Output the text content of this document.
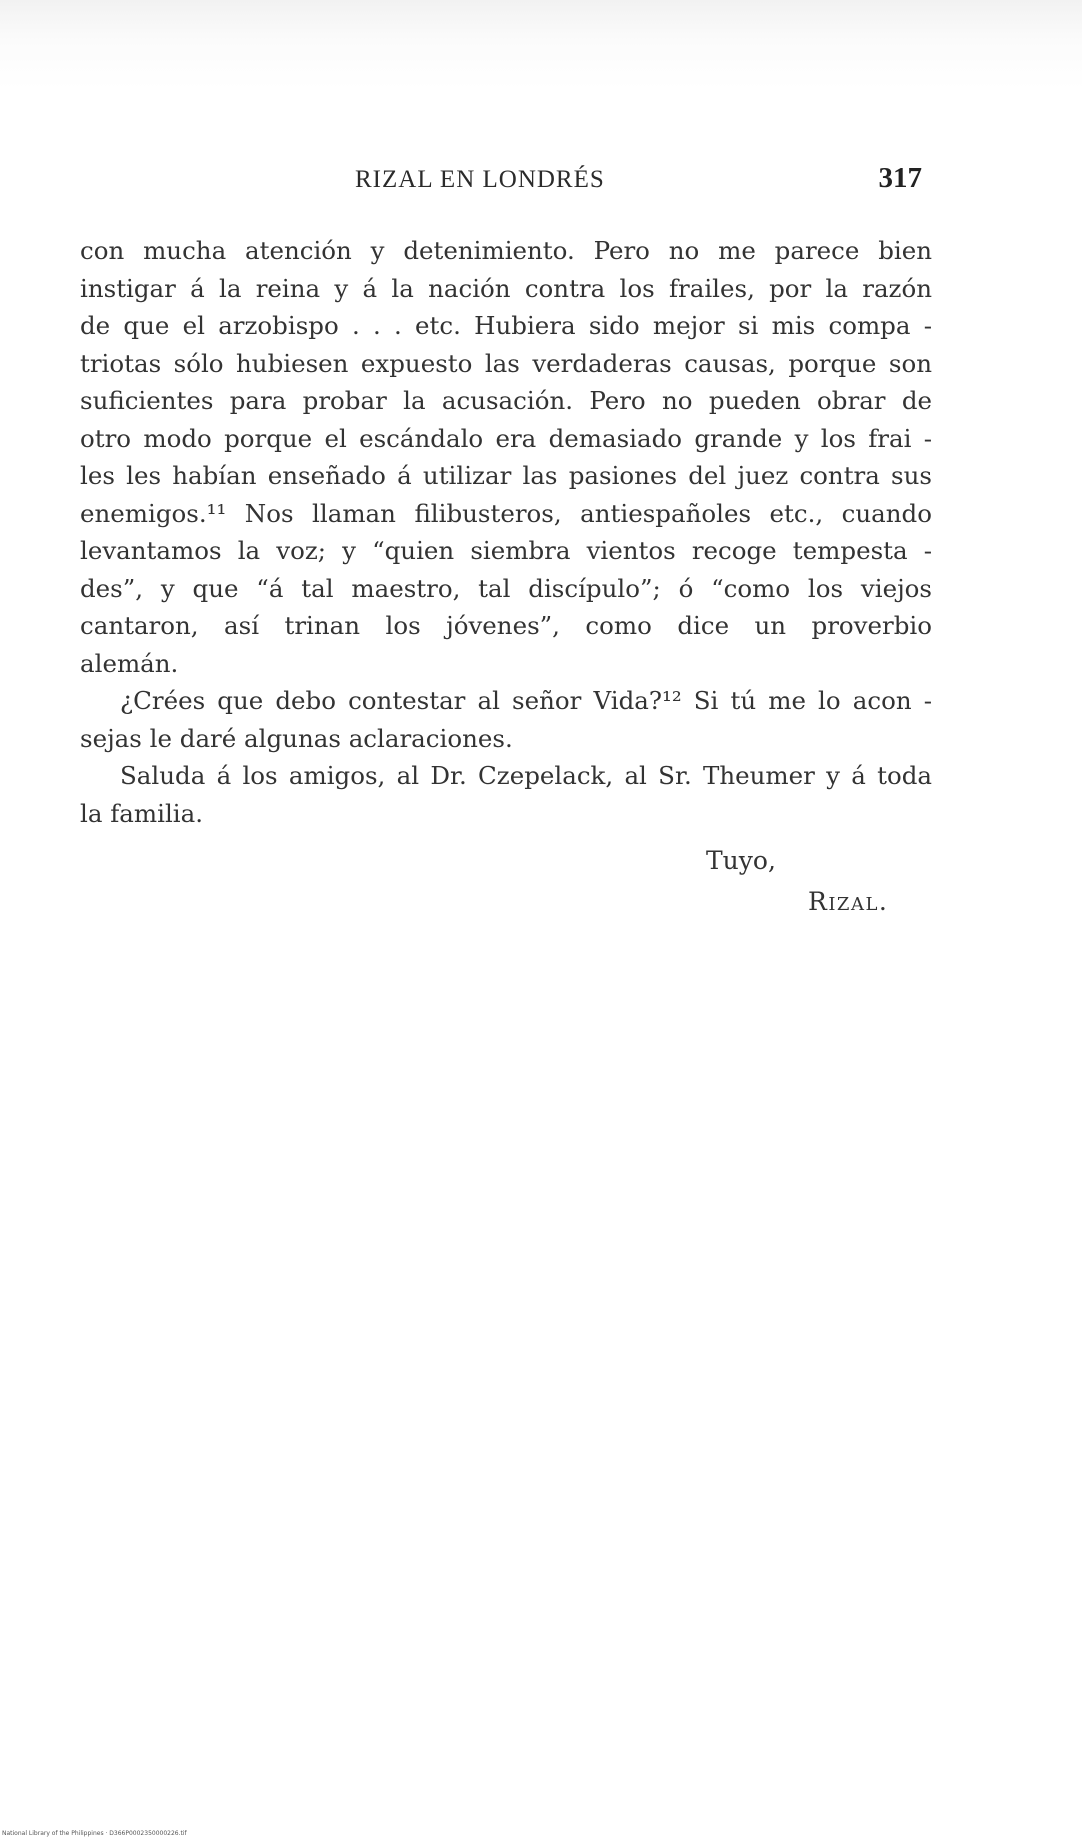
RIZAL EN LONDRÉS	317
con mucha atención y detenimiento. Pero no me parece bien
instigar á la reina y á la nación contra los frailes, por la razón
de que el arzobispo . . . etc. Hubiera sido mejor si mis compa -
triotas sólo hubiesen expuesto las verdaderas causas, porque son
suficientes para probar la acusación. Pero no pueden obrar de
otro modo porque el escándalo era demasiado grande y los frai -
les les habían enseñado á utilizar las pasiones del juez contra sus
enemigos.¹¹ Nos llaman filibusteros, antiespañoles etc., cuando
levantamos la voz; y “quien siembra vientos recoge tempesta -
des”, y que “á tal maestro, tal discípulo”; ó “como los viejos
cantaron, así trinan los jóvenes”, como dice un proverbio
alemán.
¿Crées que debo contestar al señor Vida?¹² Si tú me lo acon -
sejas le daré algunas aclaraciones.
Saluda á los amigos, al Dr. Czepelack, al Sr. Theumer y á toda
la familia.
Tuyo,
Rizal.
National Library of the Philippines · D366P0002350000226.tif
